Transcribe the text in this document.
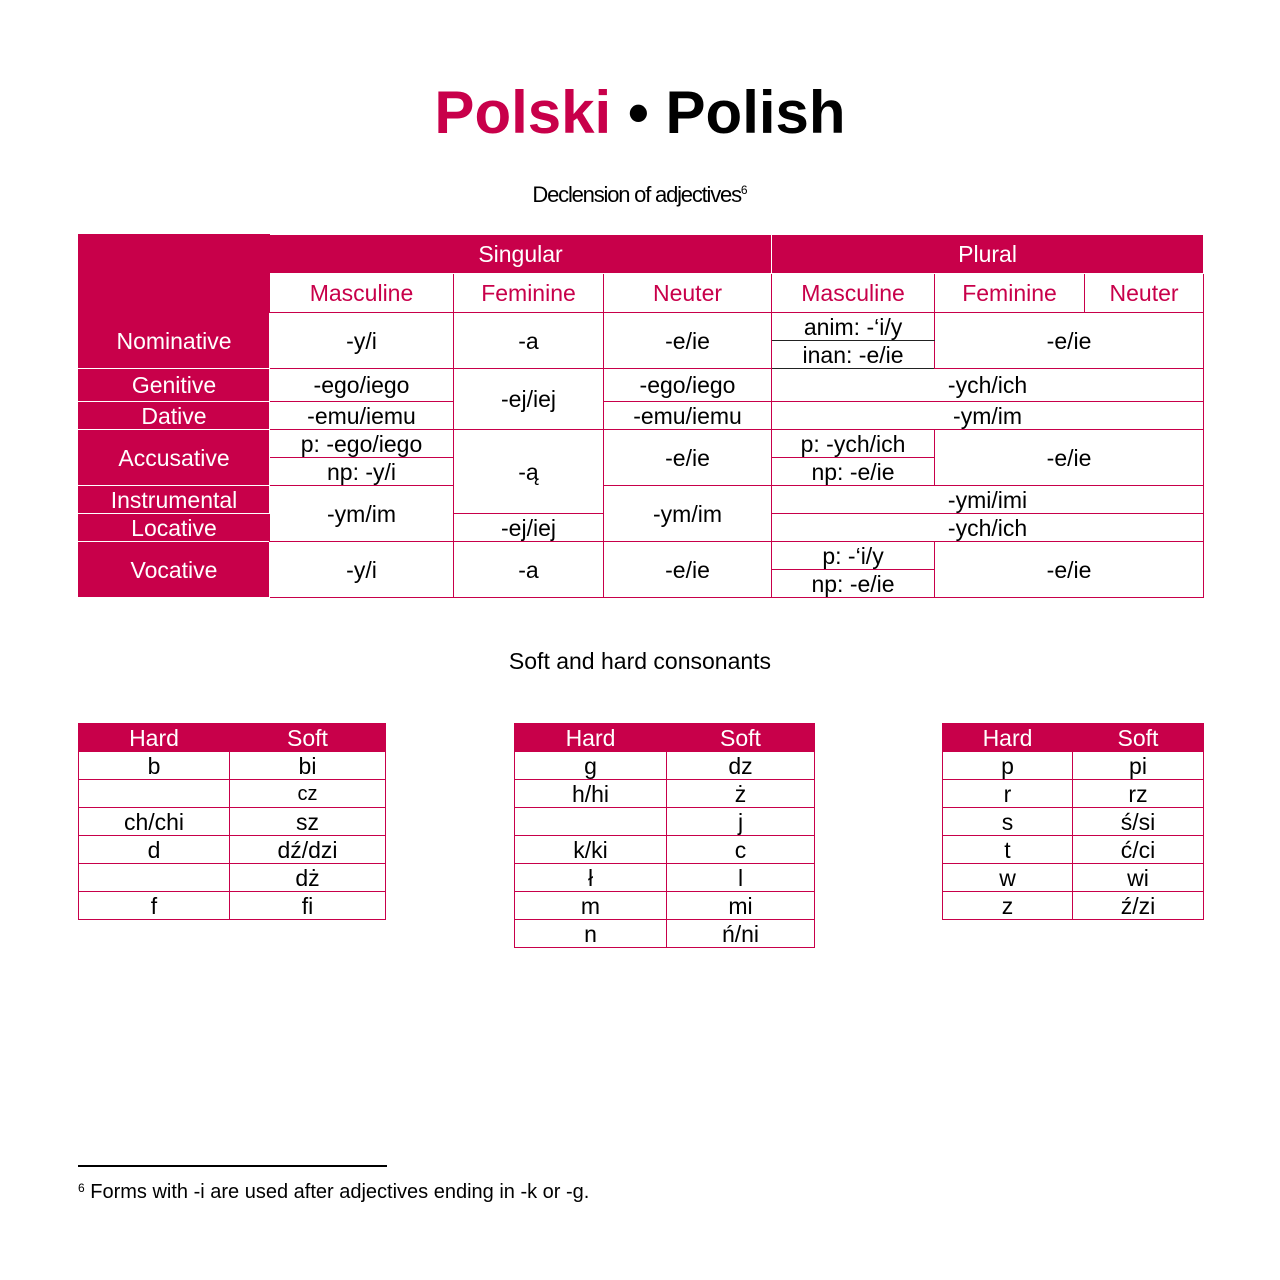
Polski • Polish
Declension of adjectives$^6$
	Singular			Plural		
	Masculine	Feminine	Neuter	Masculine	Feminine	Neuter
Nominative	-y/i	-a	-e/ie	anim: -‘i/y	-e/ie	
				inan: -e/ie		
Genitive	-ego/iego	-ej/iej	-ego/iego	-ych/ich		
Dative	-emu/iemu		-emu/iemu	-ym/im		
Accusative	p: -ego/iego	-ą	-e/ie	p: -ych/ich	-e/ie	
	np: -y/i			np: -e/ie		
Instrumental	-ym/im		-ym/im	-ymi/imi		
Locative		-ej/iej		-ych/ich		
Vocative	-y/i	-a	-e/ie	p: -‘i/y	-e/ie	
				np: -e/ie		
Soft and hard consonants
Hard	Soft
b	bi
	cz
ch/chi	sz
d	dź/dzi
	dż
f	fi
Hard	Soft
g	dz
h/hi	ż
	j
k/ki	c
ł	l
m	mi
n	ń/ni
Hard	Soft
p	pi
r	rz
s	ś/si
t	ć/ci
w	wi
z	ź/zi
$^6$ Forms with -i are used after adjectives ending in -k or -g.
